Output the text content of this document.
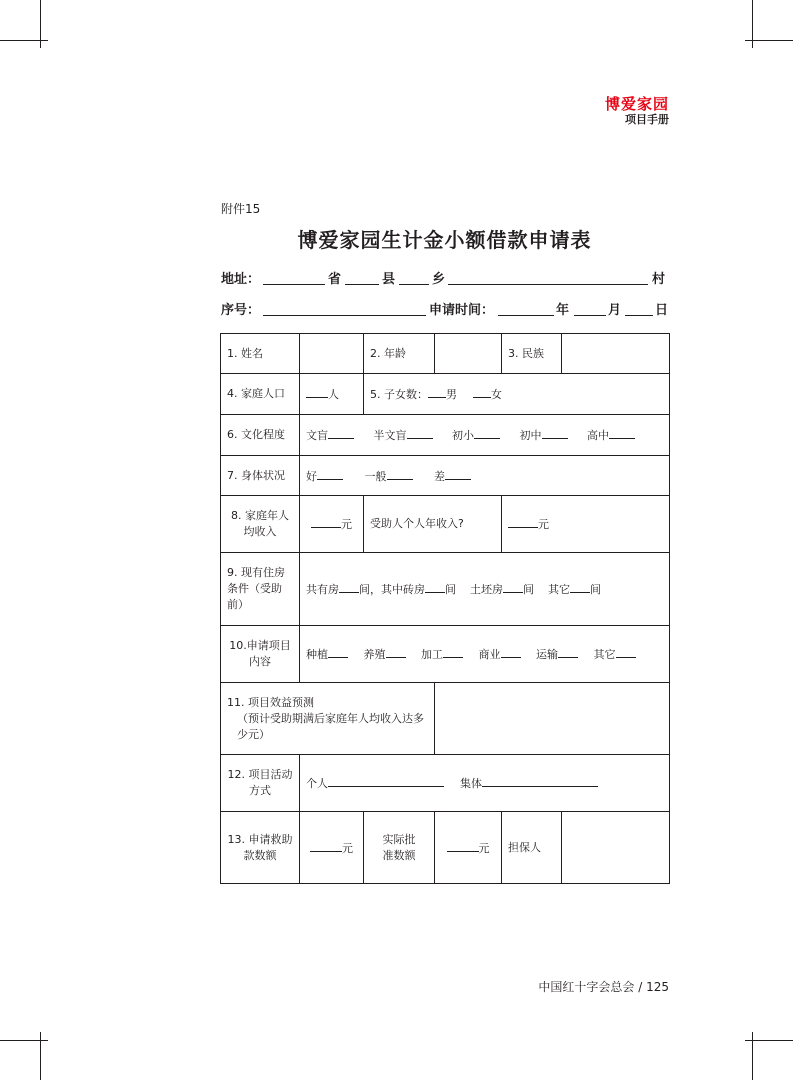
博爱家园
项目手册
附件15
博爱家园生计金小额借款申请表
地址：	省	县	乡	村
序号：	申请时间：	年	月	日
1. 姓名		2. 年龄		3. 民族	
4. 家庭人口	人	5. 子女数： 男 女			
6. 文化程度	文盲 半文盲 初小 初中 高中				
7. 身体状况	好 一般 差				
8. 家庭年人均收入	元	受助人个人年收入?		元	
9. 现有住房条件（受助前）	共有房 间，其中砖房 间 土坯房 间 其它 间				
10.申请项目内容	种植 养殖 加工 商业 运输 其它				

11. 项目效益预测
（预计受助期满后家庭年人均收入达多少元）					

12. 项目活动方式	个人 集体				
13. 申请救助款数额	元	实际批准数额	元	担保人	
中国红十字会总会 / 125
